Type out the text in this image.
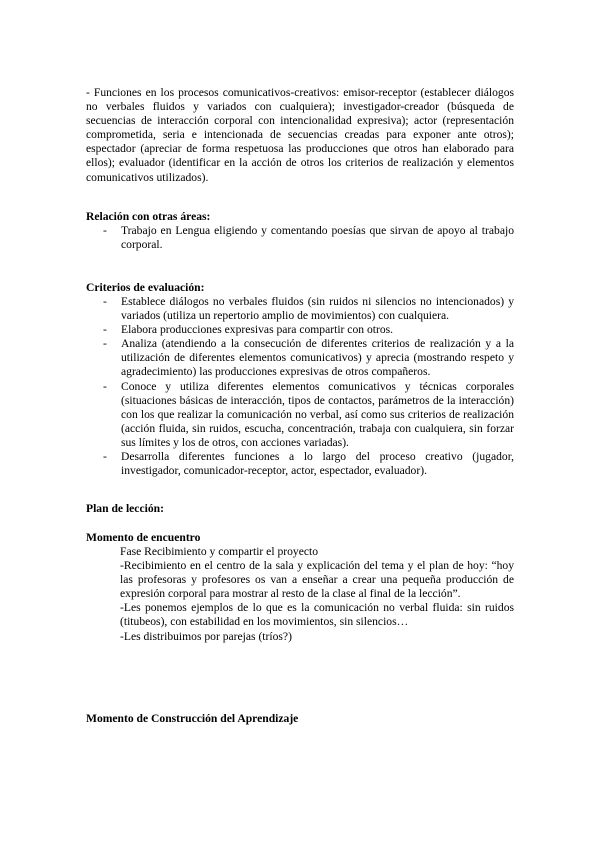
- Funciones en los procesos comunicativos-creativos: emisor-receptor (establecer diálogos no verbales fluidos y variados con cualquiera); investigador-creador (búsqueda de secuencias de interacción corporal con intencionalidad expresiva); actor (representación comprometida, seria e intencionada de secuencias creadas para exponer ante otros); espectador (apreciar de forma respetuosa las producciones que otros han elaborado para ellos); evaluador (identificar en la acción de otros los criterios de realización y elementos comunicativos utilizados).
Relación con otras áreas:
- Trabajo en Lengua eligiendo y comentando poesías que sirvan de apoyo al trabajo corporal.
Criterios de evaluación:
- Establece diálogos no verbales fluidos (sin ruidos ni silencios no intencionados) y variados (utiliza un repertorio amplio de movimientos) con cualquiera.
- Elabora producciones expresivas para compartir con otros.
- Analiza (atendiendo a la consecución de diferentes criterios de realización y a la utilización de diferentes elementos comunicativos) y aprecia (mostrando respeto y agradecimiento) las producciones expresivas de otros compañeros.
- Conoce y utiliza diferentes elementos comunicativos y técnicas corporales (situaciones básicas de interacción, tipos de contactos, parámetros de la interacción) con los que realizar la comunicación no verbal, así como sus criterios de realización (acción fluida, sin ruidos, escucha, concentración, trabaja con cualquiera, sin forzar sus límites y los de otros, con acciones variadas).
- Desarrolla diferentes funciones a lo largo del proceso creativo (jugador, investigador, comunicador-receptor, actor, espectador, evaluador).
Plan de lección:
Momento de encuentro

Fase Recibimiento y compartir el proyecto

-Recibimiento en el centro de la sala y explicación del tema y el plan de hoy: “hoy las profesoras y profesores os van a enseñar a crear una pequeña producción de expresión corporal para mostrar al resto de la clase al final de la lección”.

-Les ponemos ejemplos de lo que es la comunicación no verbal fluida: sin ruidos (titubeos), con estabilidad en los movimientos, sin silencios…

-Les distribuimos por parejas (tríos?)

Momento de Construcción del Aprendizaje
